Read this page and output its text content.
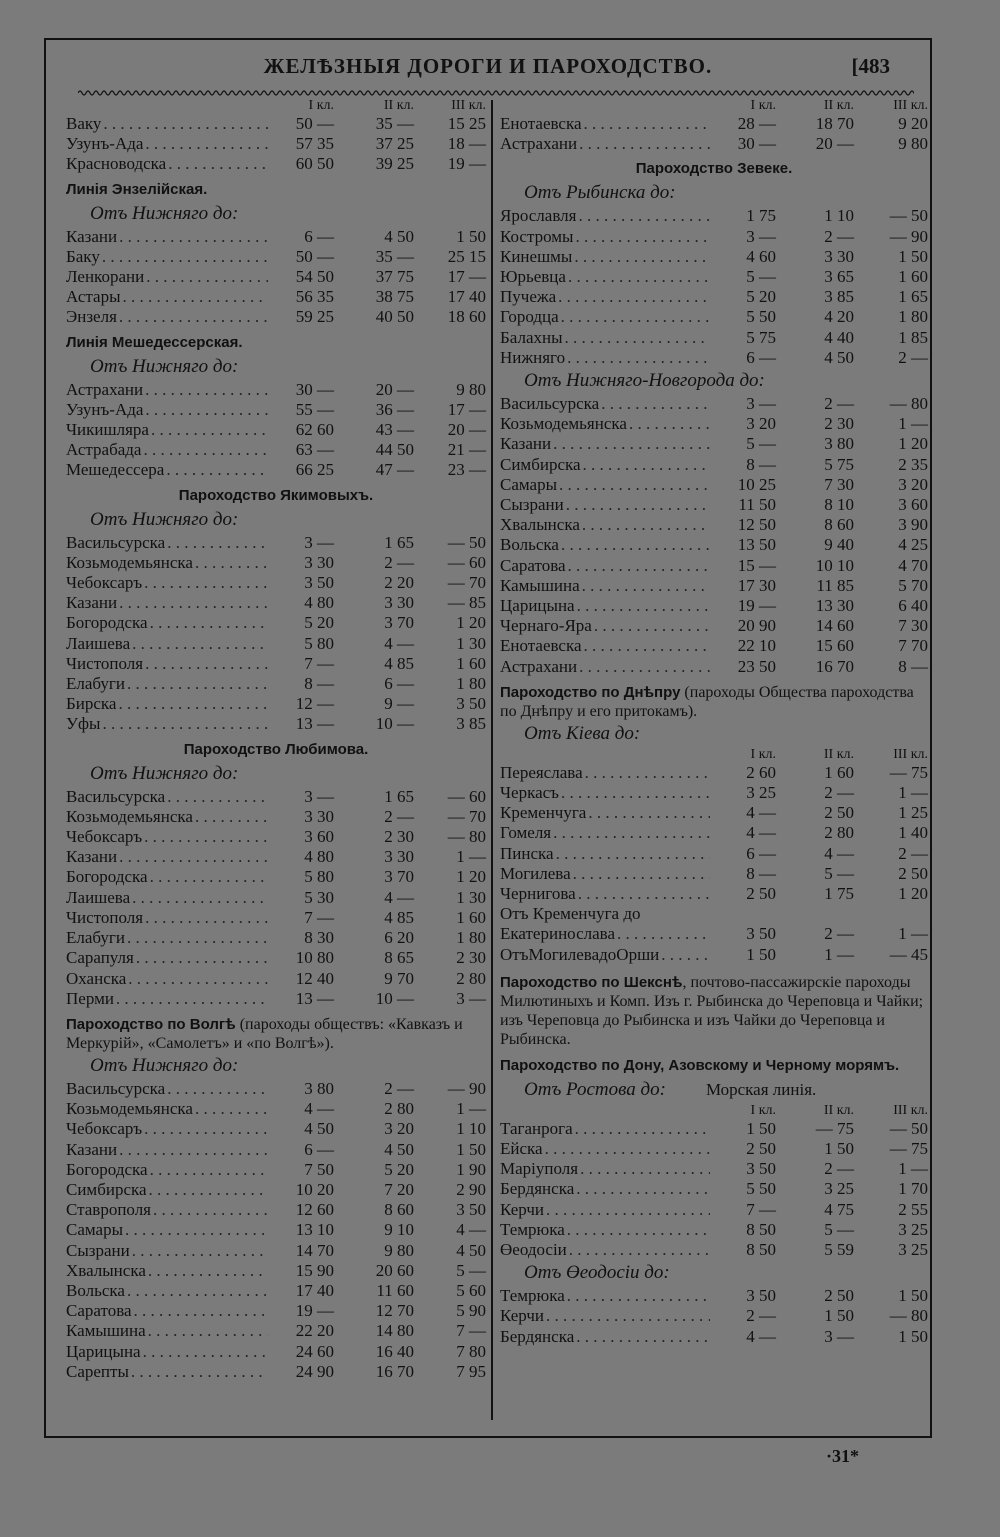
ЖЕЛѢЗНЫЯ ДОРОГИ И ПАРОХОДСТВО.	[483
I кл.	II кл.	III кл.
Ваку . . .	50 —	35 —	15 25
Узунъ-Ада . . .	57 35	37 25	18 —
Красноводска . . .	60 50	39 25	19 —
Линія Энзелійская.
Отъ Нижняго до:
Казани . . .	6 —	4 50	1 50
Баку . . .	50 —	35 —	25 15
Ленкорани . . .	54 50	37 75	17 —
Астары . . .	56 35	38 75	17 40
Энзеля . . .	59 25	40 50	18 60
Линія Мешедессерская.
Отъ Нижняго до:
Астрахани . . .	30 —	20 —	9 80
Узунъ-Ада . . .	55 —	36 —	17 —
Чикишляра . . .	62 60	43 —	20 —
Астрабада . . .	63 —	44 50	21 —
Мешедессера . . .	66 25	47 —	23 —
Пароходство Якимовыхъ.
Отъ Нижняго до:
Васильсурска . . .	3 —	1 65	— 50
Козьмодемьянска . . .	3 30	2 —	— 60
Чебоксаръ . . .	3 50	2 20	— 70
Казани . . .	4 80	3 30	— 85
Богородска . . .	5 20	3 70	1 20
Лаишева . . .	5 80	4 —	1 30
Чистополя . . .	7 —	4 85	1 60
Елабуги . . .	8 —	6 —	1 80
Бирска . . .	12 —	9 —	3 50
Уфы . . .	13 —	10 —	3 85
Пароходство Любимова.
Отъ Нижняго до:
Васильсурска . . .	3 —	1 65	— 60
Козьмодемьянска . . .	3 30	2 —	— 70
Чебоксаръ . . .	3 60	2 30	— 80
Казани . . .	4 80	3 30	1 —
Богородска . . .	5 80	3 70	1 20
Лаишева . . .	5 30	4 —	1 30
Чистополя . . .	7 —	4 85	1 60
Елабуги . . .	8 30	6 20	1 80
Сарапуля . . .	10 80	8 65	2 30
Оханска . . .	12 40	9 70	2 80
Перми . . .	13 —	10 —	3 —
Пароходство по Волгѣ (пароходы обществъ: «Кавказъ и Меркурій», «Самолетъ» и «по Волгѣ»).
Отъ Нижняго до:
Васильсурска . . .	3 80	2 —	— 90
Козьмодемьянска . . .	4 —	2 80	1 —
Чебоксаръ . . .	4 50	3 20	1 10
Казани . . .	6 —	4 50	1 50
Богородска . . .	7 50	5 20	1 90
Симбирска . . .	10 20	7 20	2 90
Ставрополя . . .	12 60	8 60	3 50
Самары . . .	13 10	9 10	4 —
Сызрани . . .	14 70	9 80	4 50
Хвалынска . . .	15 90	20 60	5 —
Вольска . . .	17 40	11 60	5 60
Саратова . . .	19 —	12 70	5 90
Камышина . . .	22 20	14 80	7 —
Царицына . . .	24 60	16 40	7 80
Сарепты . . .	24 90	16 70	7 95
I кл.	II кл.	III кл.
Енотаевска . . .	28 —	18 70	9 20
Астрахани . . .	30 —	20 —	9 80
Пароходство Зевеке.
Отъ Рыбинска до:
Ярославля . . .	1 75	1 10	— 50
Костромы . . .	3 —	2 —	— 90
Кинешмы . . .	4 60	3 30	1 50
Юрьевца . . .	5 —	3 65	1 60
Пучежа . . .	5 20	3 85	1 65
Городца . . .	5 50	4 20	1 80
Балахны . . .	5 75	4 40	1 85
Нижняго . . .	6 —	4 50	2 —
Отъ Нижняго-Новгорода до:
Васильсурска . . .	3 —	2 —	— 80
Козьмодемьянска . . .	3 20	2 30	1 —
Казани . . .	5 —	3 80	1 20
Симбирска . . .	8 —	5 75	2 35
Самары . . .	10 25	7 30	3 20
Сызрани . . .	11 50	8 10	3 60
Хвалынска . . .	12 50	8 60	3 90
Вольска . . .	13 50	9 40	4 25
Саратова . . .	15 —	10 10	4 70
Камышина . . .	17 30	11 85	5 70
Царицына . . .	19 —	13 30	6 40
Чернаго-Яра . . .	20 90	14 60	7 30
Енотаевска . . .	22 10	15 60	7 70
Астрахани . . .	23 50	16 70	8 —
Пароходство по Днѣпру (пароходы Общества пароходства по Днѣпру и его притокамъ).
Отъ Кіева до:
I кл.	II кл.	III кл.
Переяслава . . .	2 60	1 60	— 75
Черкасъ . . .	3 25	2 —	1 —
Кременчуга . . .	4 —	2 50	1 25
Гомеля . . .	4 —	2 80	1 40
Пинска . . .	6 —	4 —	2 —
Могилева . . .	8 —	5 —	2 50
Чернигова . . .	2 50	1 75	1 20
Отъ Кременчуга до
Екатеринослава . . .	3 50	2 —	1 —
ОтъМогилевадоОрши . . .	1 50	1 —	— 45
Пароходство по Шекснѣ, почтово-пассажирскіе пароходы Милютиныхъ и Комп. Изъ г. Рыбинска до Череповца и Чайки; изъ Череповца до Рыбинска и изъ Чайки до Череповца и Рыбинска.
Пароходство по Дону, Азовскому и Черному морямъ.
Отъ Ростова до: Морская линія.
I кл.	II кл.	III кл.
Таганрога . . .	1 50	— 75	— 50
Ейска . . .	2 50	1 50	— 75
Маріуполя . . .	3 50	2 —	1 —
Бердянска . . .	5 50	3 25	1 70
Керчи . . .	7 —	4 75	2 55
Темрюка . . .	8 50	5 —	3 25
Өеодосіи . . .	8 50	5 59	3 25
Отъ Өеодосіи до:
Темрюка . . .	3 50	2 50	1 50
Керчи . . .	2 —	1 50	— 80
Бердянска . . .	4 —	3 —	1 50
·31*
